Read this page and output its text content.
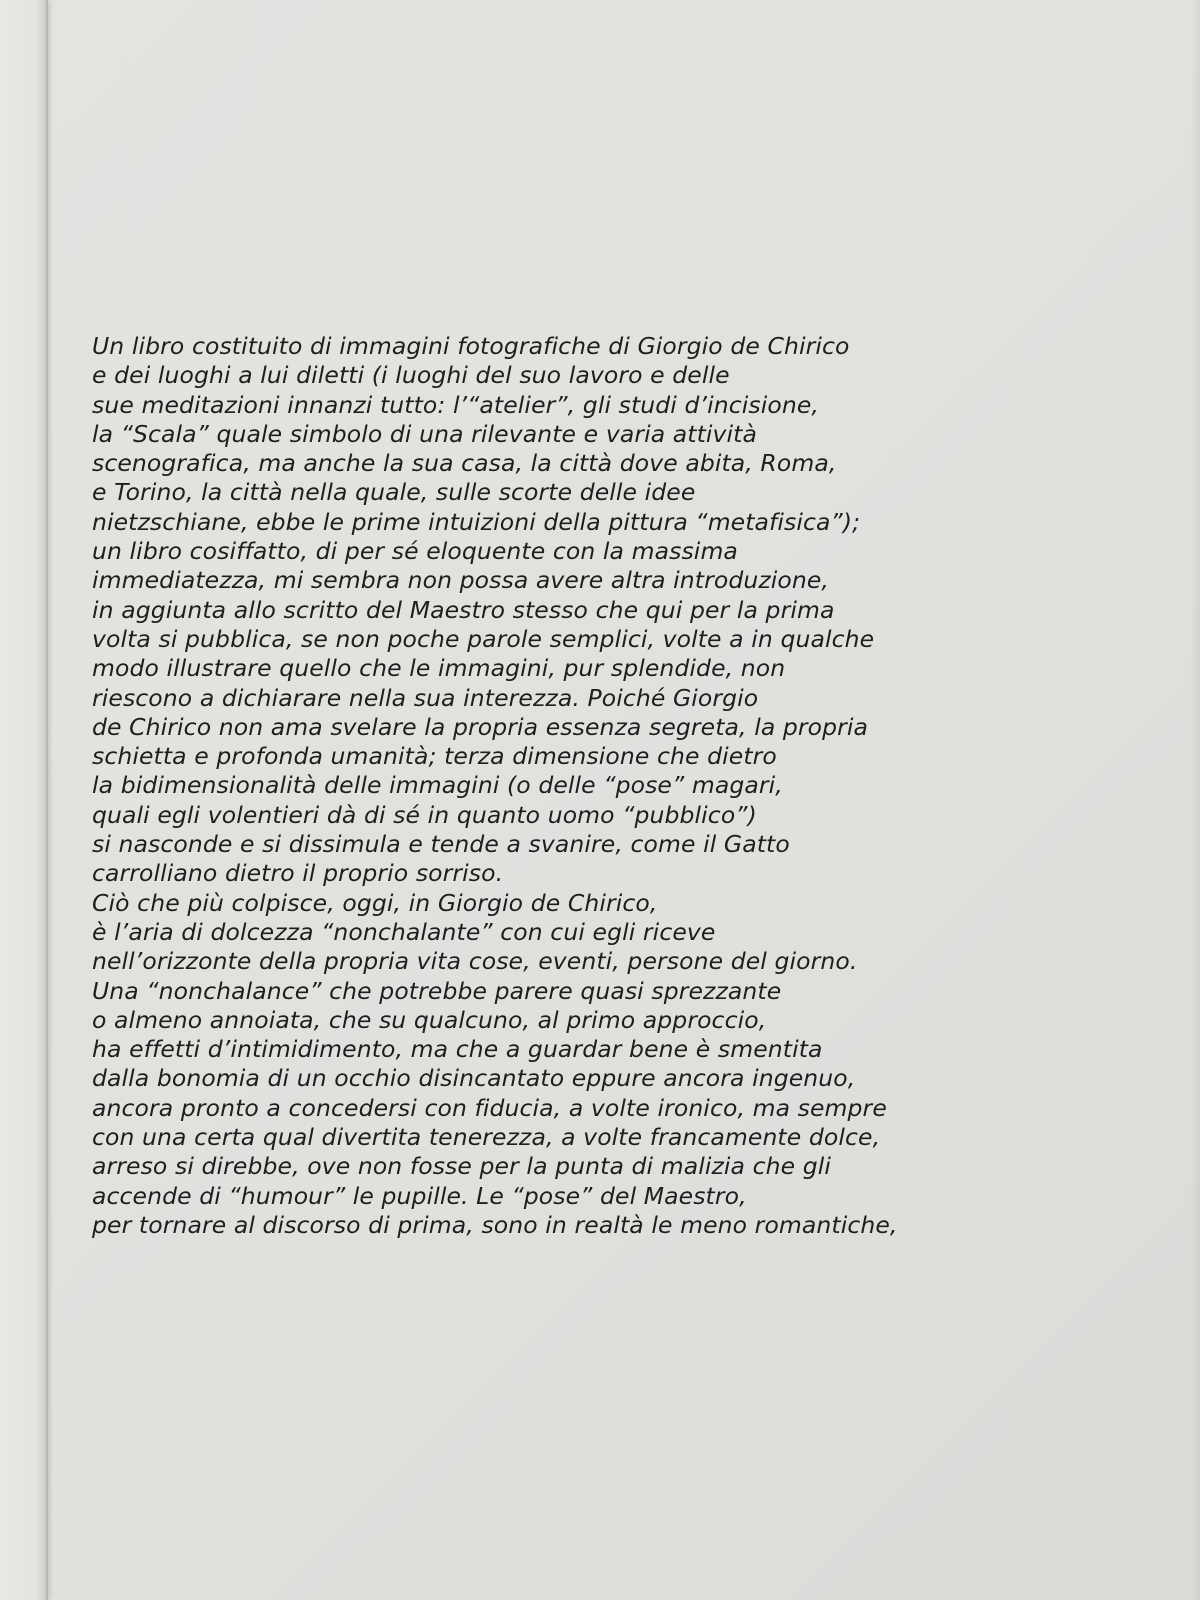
Un libro costituito di immagini fotografiche di Giorgio de Chirico
e dei luoghi a lui diletti (i luoghi del suo lavoro e delle
sue meditazioni innanzi tutto: l’“atelier”, gli studi d’incisione,
la “Scala” quale simbolo di una rilevante e varia attività
scenografica, ma anche la sua casa, la città dove abita, Roma,
e Torino, la città nella quale, sulle scorte delle idee
nietzschiane, ebbe le prime intuizioni della pittura “metafisica”);
un libro cosiffatto, di per sé eloquente con la massima
immediatezza, mi sembra non possa avere altra introduzione,
in aggiunta allo scritto del Maestro stesso che qui per la prima
volta si pubblica, se non poche parole semplici, volte a in qualche
modo illustrare quello che le immagini, pur splendide, non
riescono a dichiarare nella sua interezza. Poiché Giorgio
de Chirico non ama svelare la propria essenza segreta, la propria
schietta e profonda umanità; terza dimensione che dietro
la bidimensionalità delle immagini (o delle “pose” magari,
quali egli volentieri dà di sé in quanto uomo “pubblico”)
si nasconde e si dissimula e tende a svanire, come il Gatto
carrolliano dietro il proprio sorriso.
Ciò che più colpisce, oggi, in Giorgio de Chirico,
è l’aria di dolcezza “nonchalante” con cui egli riceve
nell’orizzonte della propria vita cose, eventi, persone del giorno.
Una “nonchalance” che potrebbe parere quasi sprezzante
o almeno annoiata, che su qualcuno, al primo approccio,
ha effetti d’intimidimento, ma che a guardar bene è smentita
dalla bonomia di un occhio disincantato eppure ancora ingenuo,
ancora pronto a concedersi con fiducia, a volte ironico, ma sempre
con una certa qual divertita tenerezza, a volte francamente dolce,
arreso si direbbe, ove non fosse per la punta di malizia che gli
accende di “humour” le pupille. Le “pose” del Maestro,
per tornare al discorso di prima, sono in realtà le meno romantiche,
